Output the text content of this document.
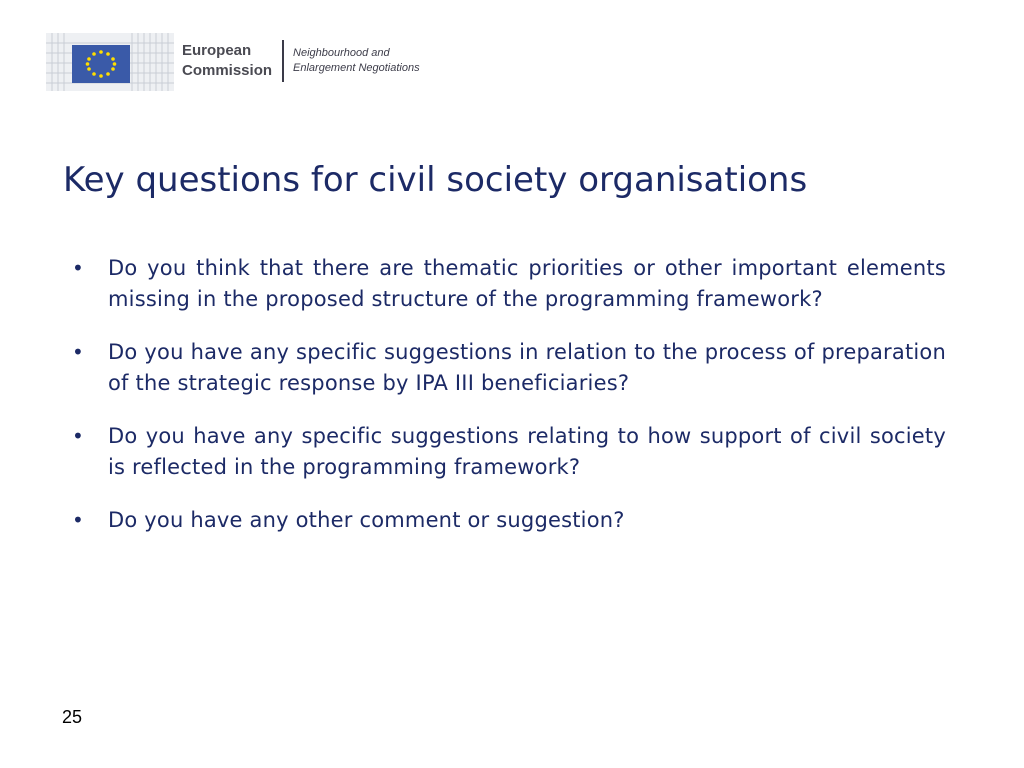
European
Commission
Neighbourhood and
Enlargement Negotiations
Key questions for civil society organisations
•	Do you think that there are thematic priorities or other important elements missing in the proposed structure of the programming framework?
•	Do you have any specific suggestions in relation to the process of preparation of the strategic response by IPA III beneficiaries?
•	Do you have any specific suggestions relating to how support of civil society is reflected in the programming framework?
•	Do you have any other comment or suggestion?
25
